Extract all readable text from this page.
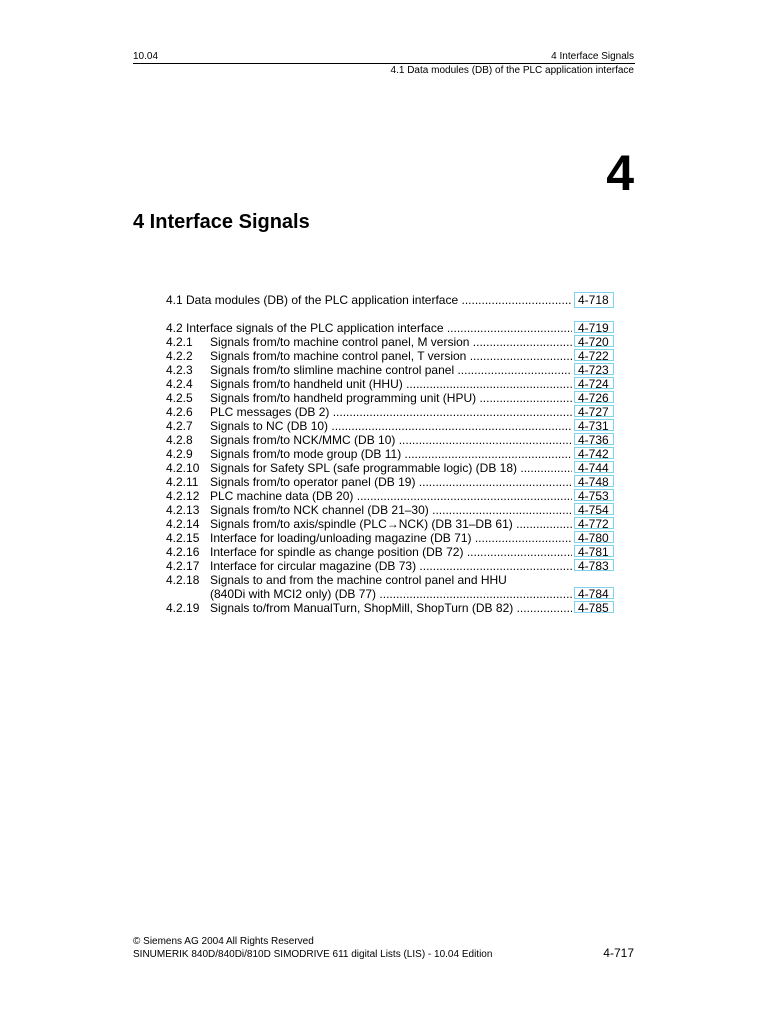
10.04	4 Interface Signals
4.1 Data modules (DB) of the PLC application interface
4
4 Interface Signals
4.1 Data modules (DB) of the PLC application interface .....	4-718
4.2 Interface signals of the PLC application interface .....	4-719
4.2.1 Signals from/to machine control panel, M version .....	4-720
4.2.2 Signals from/to machine control panel, T version .....	4-722
4.2.3 Signals from/to slimline machine control panel .....	4-723
4.2.4 Signals from/to handheld unit (HHU) .....	4-724
4.2.5 Signals from/to handheld programming unit (HPU) .....	4-726
4.2.6 PLC messages (DB 2) .....	4-727
4.2.7 Signals to NC (DB 10) .....	4-731
4.2.8 Signals from/to NCK/MMC (DB 10) .....	4-736
4.2.9 Signals from/to mode group (DB 11) .....	4-742
4.2.10 Signals for Safety SPL (safe programmable logic) (DB 18) .....	4-744
4.2.11 Signals from/to operator panel (DB 19) .....	4-748
4.2.12 PLC machine data (DB 20) .....	4-753
4.2.13 Signals from/to NCK channel (DB 21–30) .....	4-754
4.2.14 Signals from/to axis/spindle (PLC→NCK) (DB 31–DB 61) .....	4-772
4.2.15 Interface for loading/unloading magazine (DB 71) .....	4-780
4.2.16 Interface for spindle as change position (DB 72) .....	4-781
4.2.17 Interface for circular magazine (DB 73) .....	4-783
4.2.18 Signals to and from the machine control panel and HHU
(840Di with MCI2 only) (DB 77) .....	4-784
4.2.19 Signals to/from ManualTurn, ShopMill, ShopTurn (DB 82) .....	4-785
© Siemens AG 2004 All Rights Reserved
SINUMERIK 840D/840Di/810D SIMODRIVE 611 digital Lists (LIS) - 10.04 Edition	4-717
